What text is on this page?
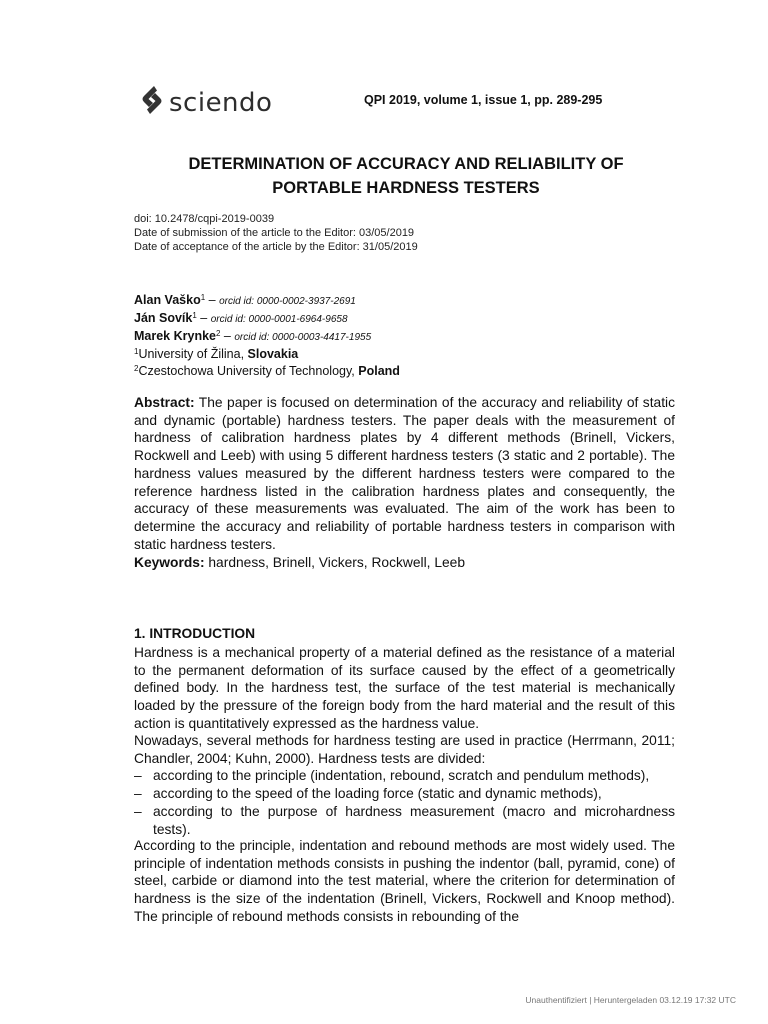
sciendo	QPI 2019, volume 1, issue 1, pp. 289-295
DETERMINATION OF ACCURACY AND RELIABILITY OF
PORTABLE HARDNESS TESTERS
doi: 10.2478/cqpi-2019-0039
Date of submission of the article to the Editor: 03/05/2019
Date of acceptance of the article by the Editor: 31/05/2019
Alan Vaško$^1$ – orcid id: 0000-0002-3937-2691
Ján Sovík$^1$ – orcid id: 0000-0001-6964-9658
Marek Krynke$^2$ – orcid id: 0000-0003-4417-1955
$^1$University of Žilina, Slovakia
$^2$Czestochowa University of Technology, Poland
Abstract: The paper is focused on determination of the accuracy and reliability of static and dynamic (portable) hardness testers. The paper deals with the measurement of hardness of calibration hardness plates by 4 different methods (Brinell, Vickers, Rockwell and Leeb) with using 5 different hardness testers (3 static and 2 portable). The hardness values measured by the different hardness testers were compared to the reference hardness listed in the calibration hardness plates and consequently, the accuracy of these measurements was evaluated. The aim of the work has been to determine the accuracy and reliability of portable hardness testers in comparison with static hardness testers.
Keywords: hardness, Brinell, Vickers, Rockwell, Leeb
1. INTRODUCTION
Hardness is a mechanical property of a material defined as the resistance of a material to the permanent deformation of its surface caused by the effect of a geometrically defined body. In the hardness test, the surface of the test material is mechanically loaded by the pressure of the foreign body from the hard material and the result of this action is quantitatively expressed as the hardness value.
Nowadays, several methods for hardness testing are used in practice (Herrmann, 2011; Chandler, 2004; Kuhn, 2000). Hardness tests are divided:
– according to the principle (indentation, rebound, scratch and pendulum methods),
– according to the speed of the loading force (static and dynamic methods),
– according to the purpose of hardness measurement (macro and microhardness tests).
According to the principle, indentation and rebound methods are most widely used. The principle of indentation methods consists in pushing the indentor (ball, pyramid, cone) of steel, carbide or diamond into the test material, where the criterion for determination of hardness is the size of the indentation (Brinell, Vickers, Rockwell and Knoop method). The principle of rebound methods consists in rebounding of the
Unauthentifiziert | Heruntergeladen 03.12.19 17:32 UTC
